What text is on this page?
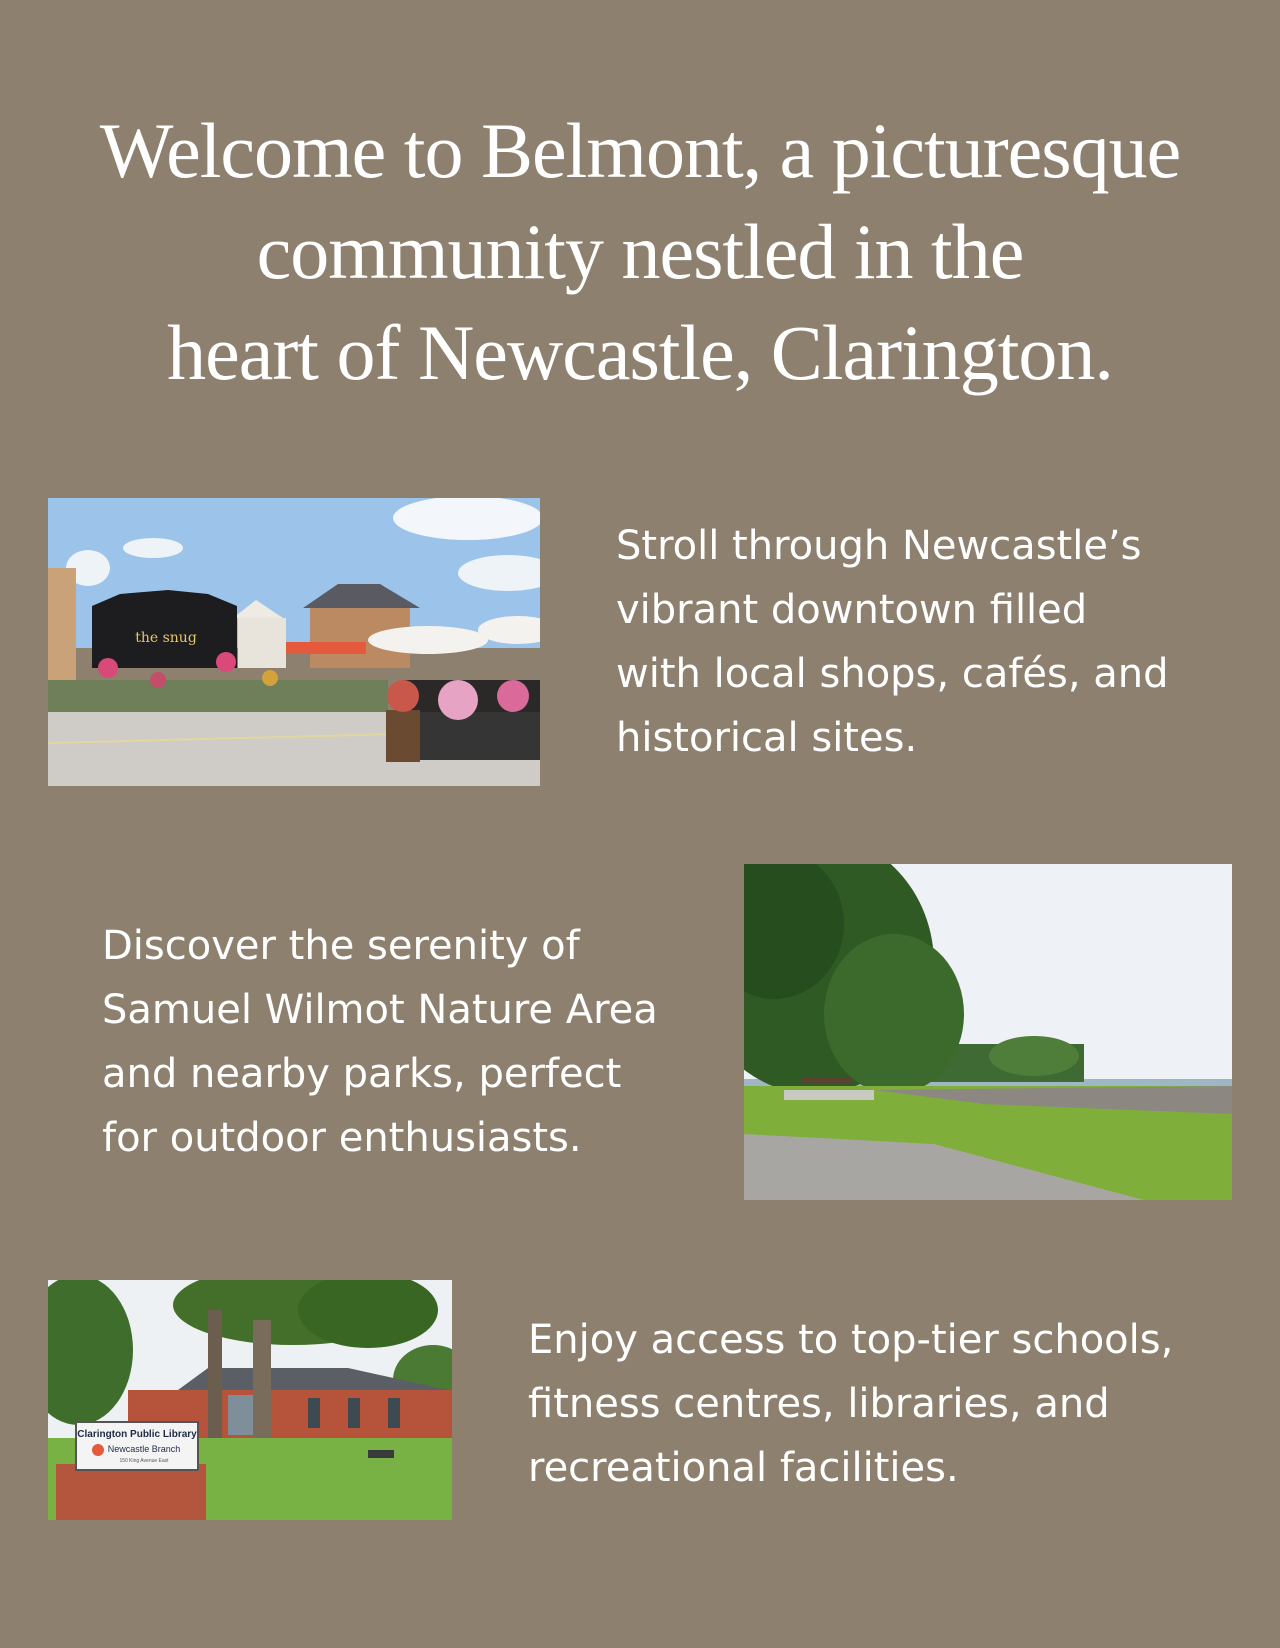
Welcome to Belmont, a picturesque
community nestled in the
heart of Newcastle, Clarington.
the snug

Stroll through Newcastle’s
vibrant downtown filled
with local shops, cafés, and
historical sites.

Discover the serenity of
Samuel Wilmot Nature Area
and nearby parks, perfect
for outdoor enthusiasts.

Clarington Public Library
Newcastle Branch
150 King Avenue East

Enjoy access to top-tier schools,
fitness centres, libraries, and
recreational facilities.
